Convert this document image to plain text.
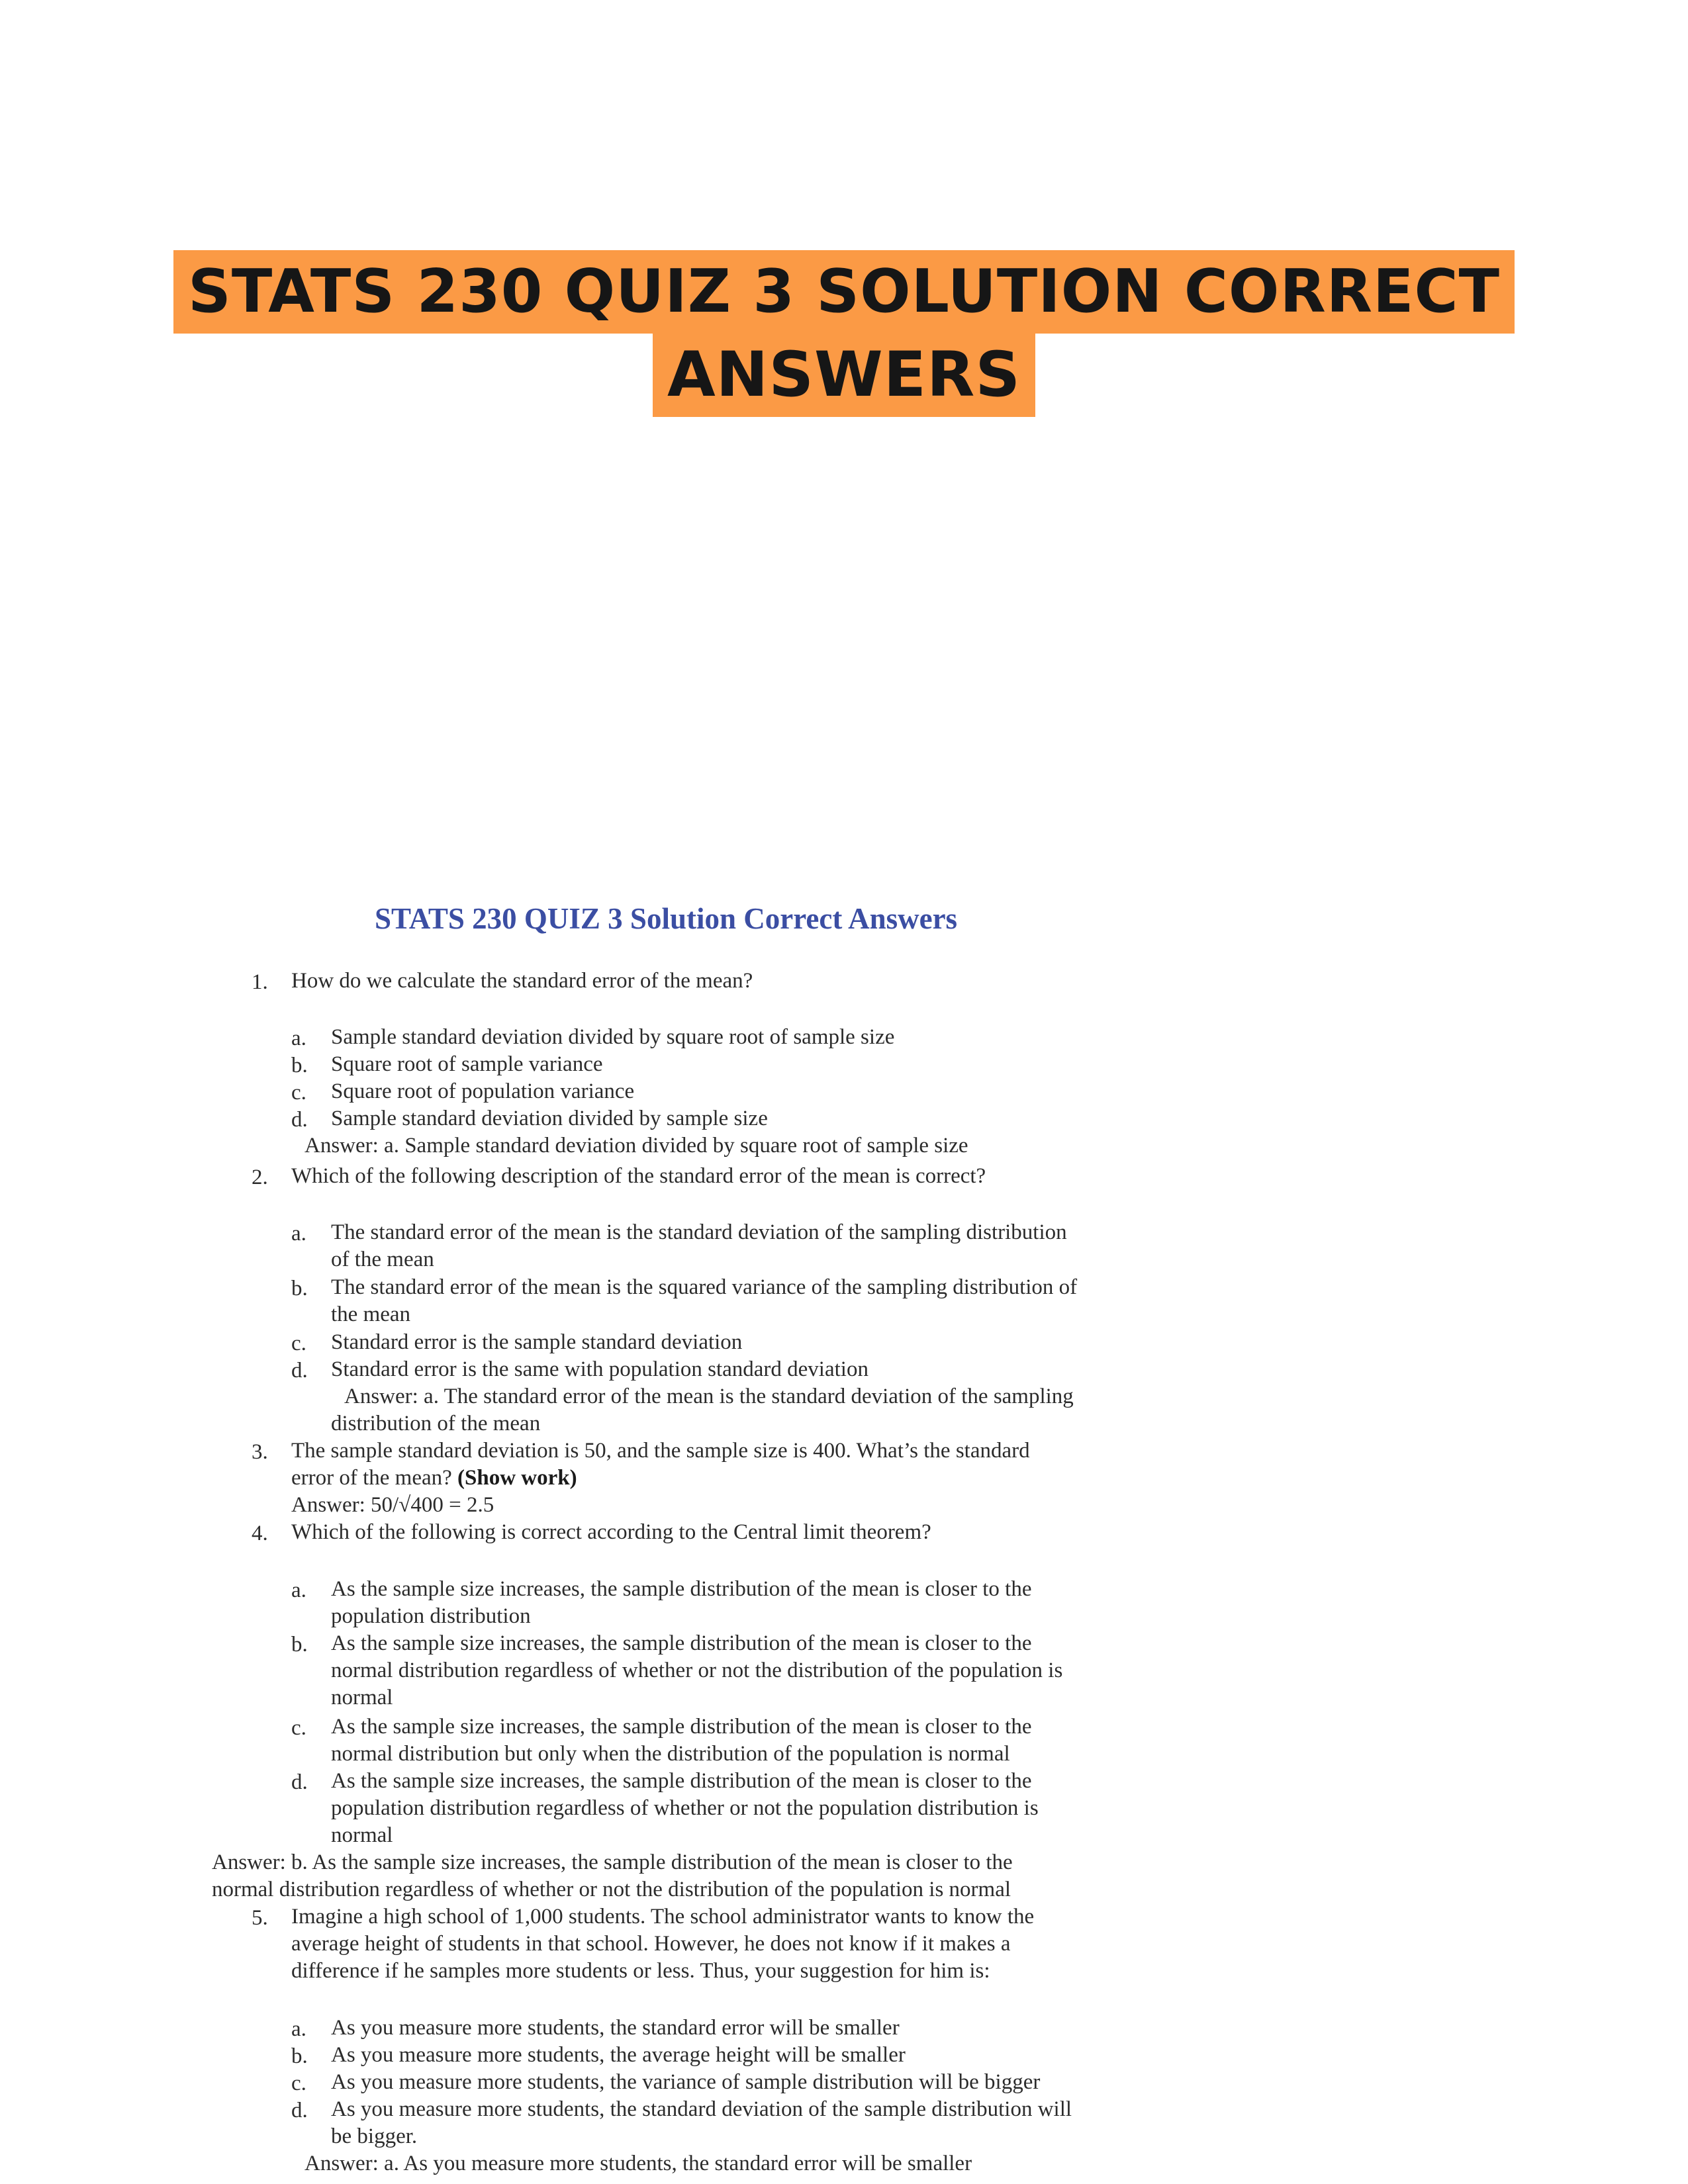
STATS 230 QUIZ 3 SOLUTION CORRECT
ANSWERS
STATS 230 QUIZ 3 Solution Correct Answers
1. How do we calculate the standard error of the mean?

a. Sample standard deviation divided by square root of sample size

b. Square root of sample variance

c. Square root of population variance

d. Sample standard deviation divided by sample size

Answer: a. Sample standard deviation divided by square root of sample size

2. Which of the following description of the standard error of the mean is correct?

a. The standard error of the mean is the standard deviation of the sampling distribution

of the mean

b. The standard error of the mean is the squared variance of the sampling distribution of

the mean

c. Standard error is the sample standard deviation

d. Standard error is the same with population standard deviation

Answer: a. The standard error of the mean is the standard deviation of the sampling

distribution of the mean

3. The sample standard deviation is 50, and the sample size is 400. What’s the standard

error of the mean? (Show work)

Answer: 50/√400 = 2.5

4. Which of the following is correct according to the Central limit theorem?

a. As the sample size increases, the sample distribution of the mean is closer to the

population distribution

b. As the sample size increases, the sample distribution of the mean is closer to the

normal distribution regardless of whether or not the distribution of the population is

normal

c. As the sample size increases, the sample distribution of the mean is closer to the

normal distribution but only when the distribution of the population is normal

d. As the sample size increases, the sample distribution of the mean is closer to the

population distribution regardless of whether or not the population distribution is

normal

Answer: b. As the sample size increases, the sample distribution of the mean is closer to the

normal distribution regardless of whether or not the distribution of the population is normal

5. Imagine a high school of 1,000 students. The school administrator wants to know the

average height of students in that school. However, he does not know if it makes a

difference if he samples more students or less. Thus, your suggestion for him is:

a. As you measure more students, the standard error will be smaller

b. As you measure more students, the average height will be smaller

c. As you measure more students, the variance of sample distribution will be bigger

d. As you measure more students, the standard deviation of the sample distribution will

be bigger.

Answer: a. As you measure more students, the standard error will be smaller
